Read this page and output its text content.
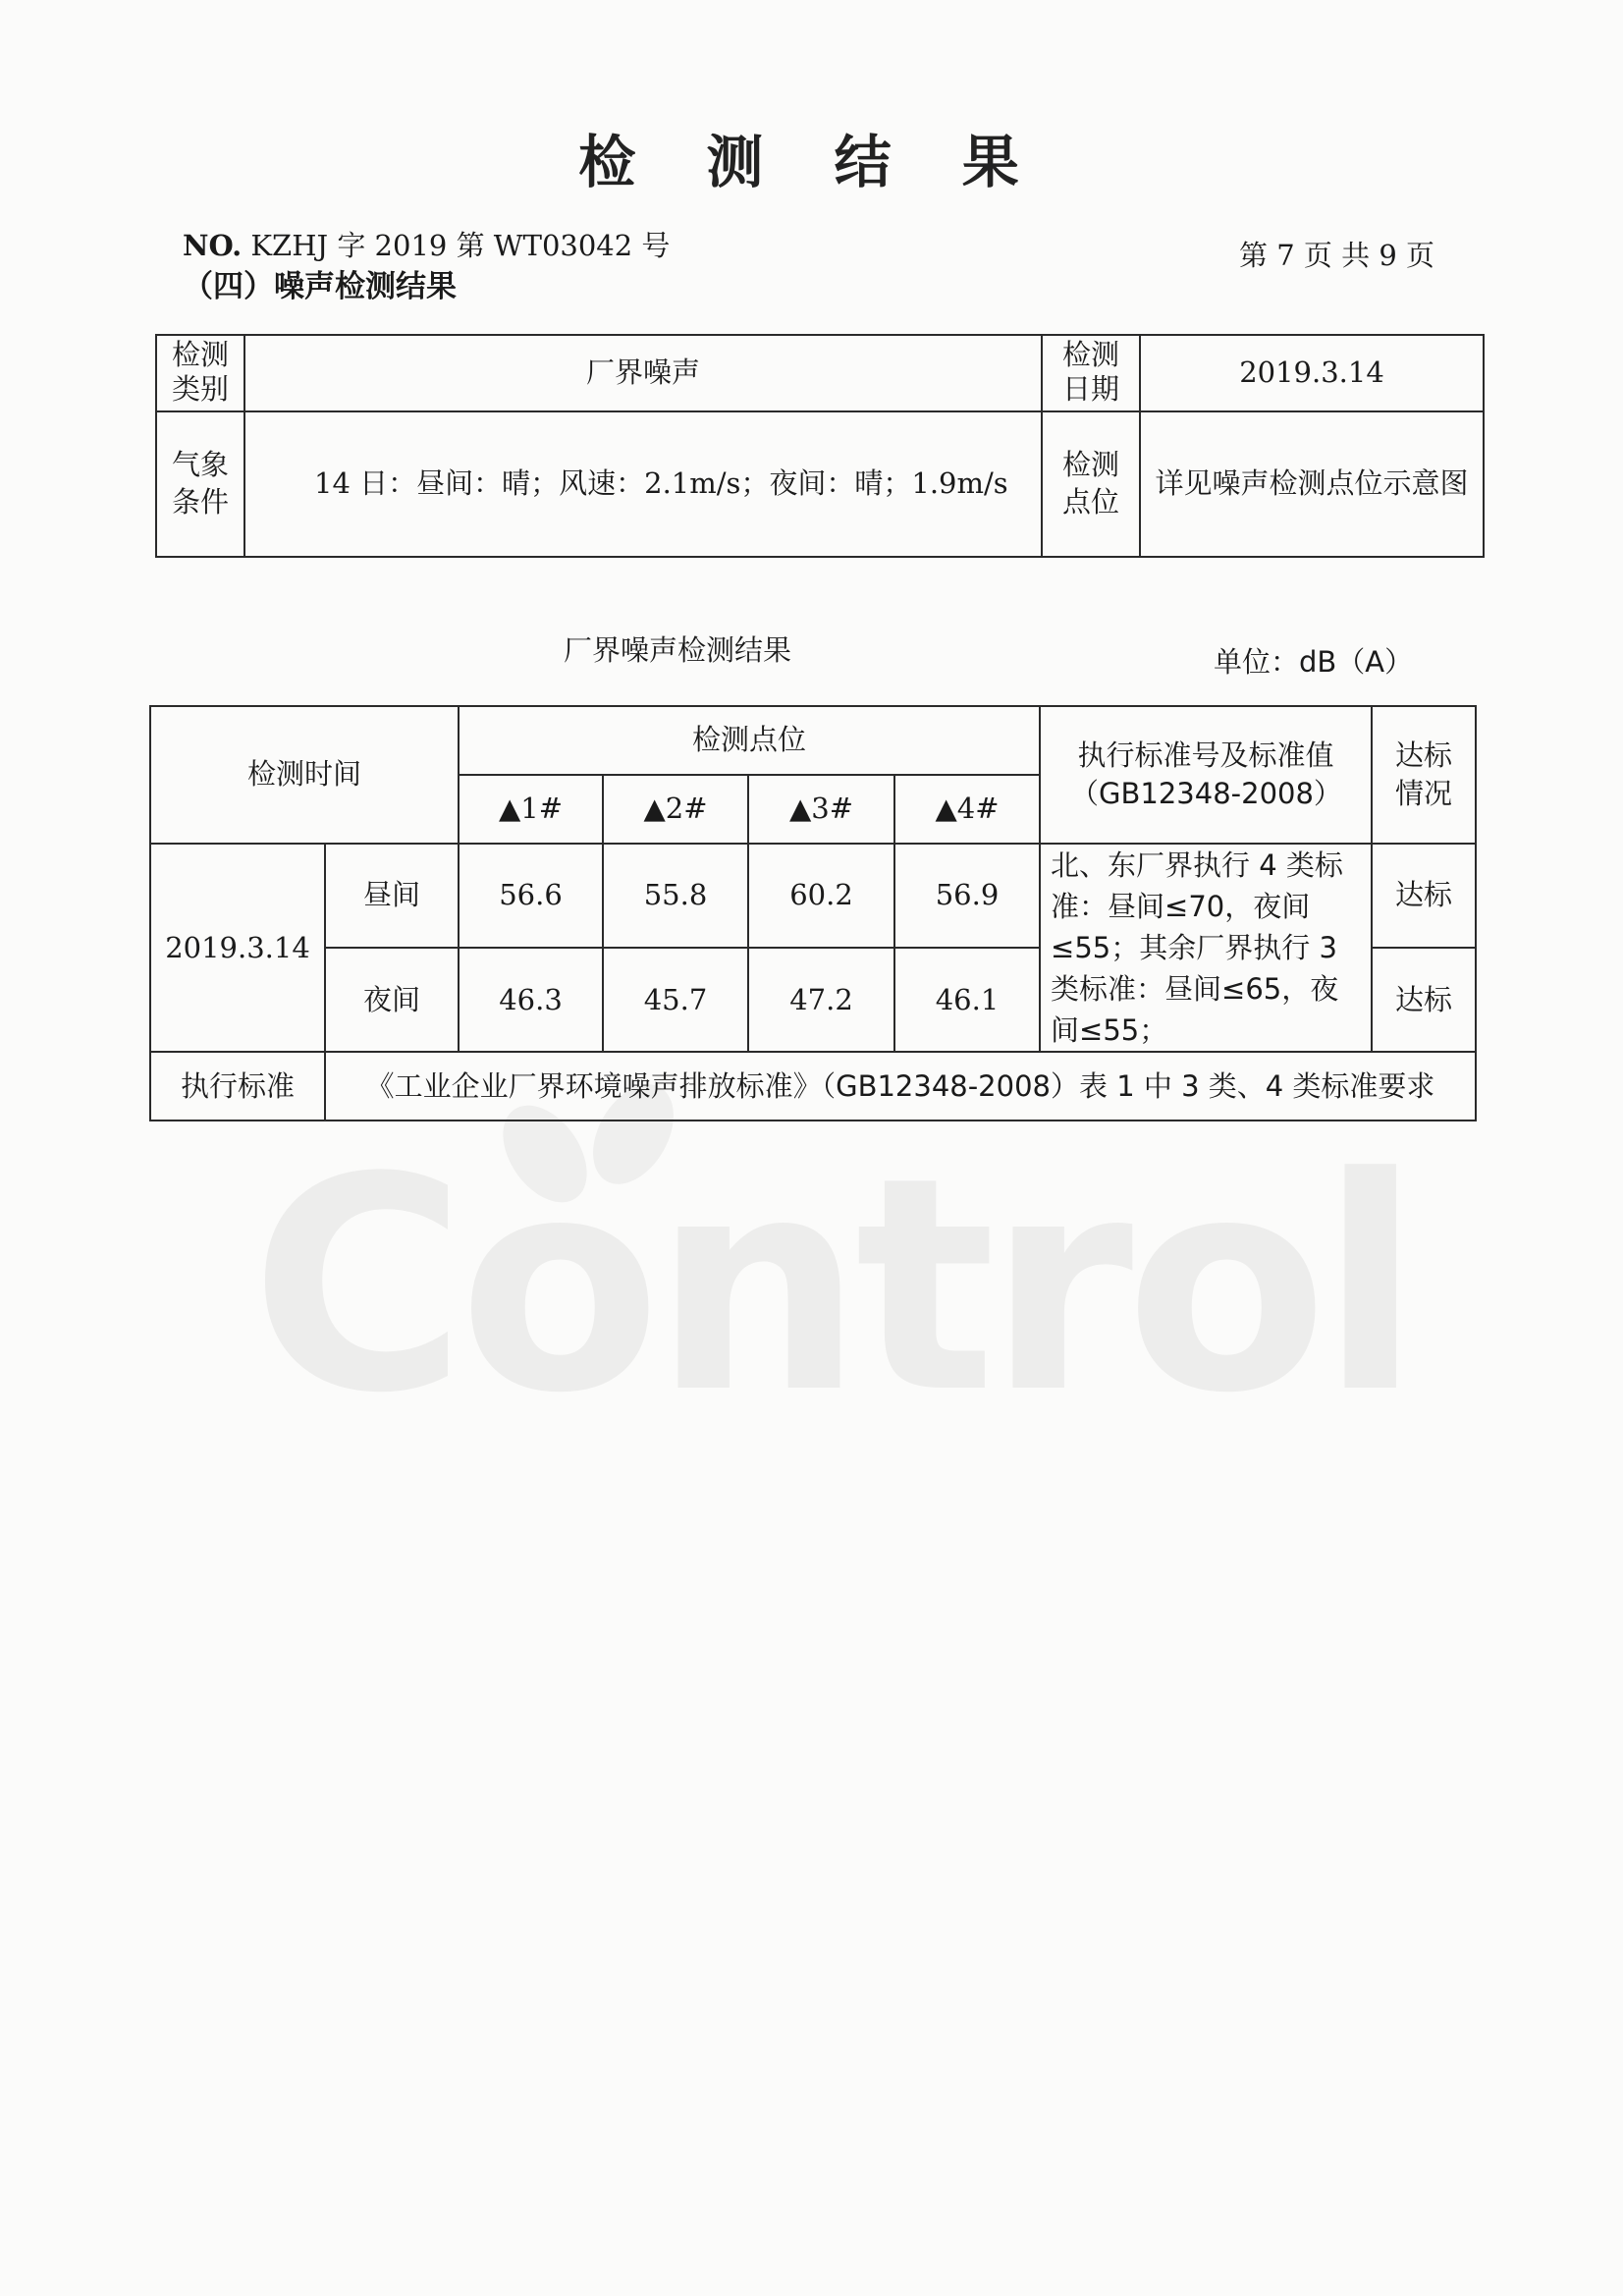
Control
检 测 结 果
NO. KZHJ 字 2019 第 WT03042 号	第 7 页 共 9 页
（四）噪声检测结果
检测类别	厂界噪声	检测日期	2019.3.14
气象条件	14 日：昼间：晴；风速：2.1m/s；夜间：晴；1.9m/s	检测点位	详见噪声检测点位示意图
厂界噪声检测结果	单位：dB（A）
检测时间		检测点位				执行标准号及标准值（GB12348-2008）	达标情况
		▲1#	▲2#	▲3#	▲4#		
2019.3.14	昼间	56.6	55.8	60.2	56.9	北、东厂界执行 4 类标准：昼间≤70，夜间≤55；其余厂界执行 3 类标准：昼间≤65，夜间≤55；	达标
	夜间	46.3	45.7	47.2	46.1		达标
执行标准	《工业企业厂界环境噪声排放标准》（GB12348-2008）表 1 中 3 类、4 类标准要求						
